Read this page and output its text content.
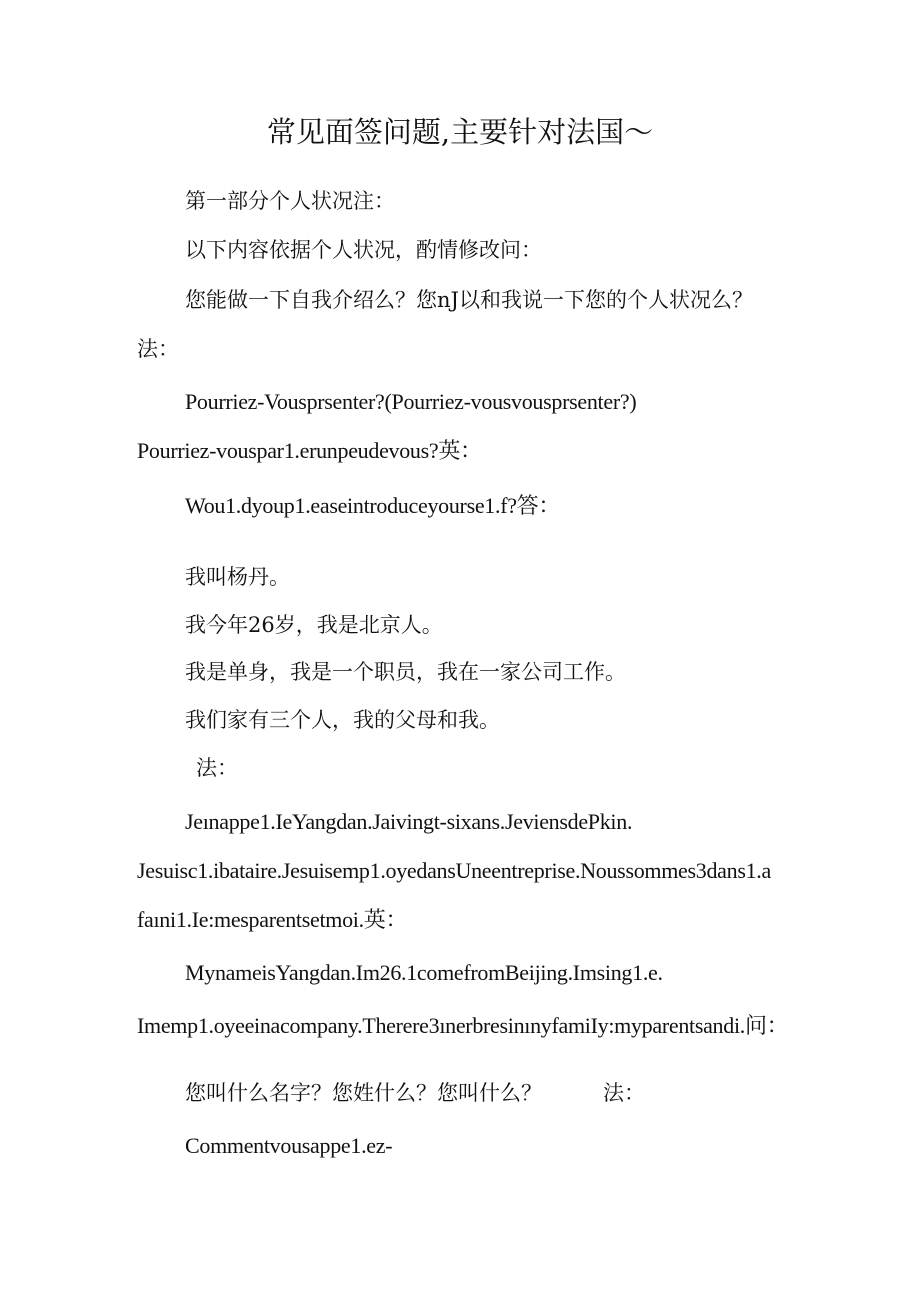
常见面签问题,主要针对法国～
第一部分个人状况注：
以下内容依据个人状况，酌情修改问：
您能做一下自我介绍么？您nJ以和我说一下您的个人状况么？
法：
Pourriez-Vousprsenter?(Pourriez-vousvousprsenter?)
Pourriez-vouspar1.erunpeudevous?英：
Wou1.dyoup1.easeintroduceyourse1.f?答：
我叫杨丹。
我今年26岁，我是北京人。
我是单身，我是一个职员，我在一家公司工作。
我们家有三个人，我的父母和我。
法：
Jeınappe1.IeYangdan.Jaivingt-sixans.JeviensdePkin.
Jesuisc1.ibataire.Jesuisemp1.oyedansUneentreprise.Noussommes3dans1.a
faıni1.Ie:mesparentsetmoi.英：
MynameisYangdan.Im26.1comefromBeijing.Imsing1.e.
Imemp1.oyeeinacompany.Therere3ınerbresinınyfamiIy:myparentsandi.问：
您叫什么名字？您姓什么？您叫什么？	法：
Commentvousappe1.ez-
